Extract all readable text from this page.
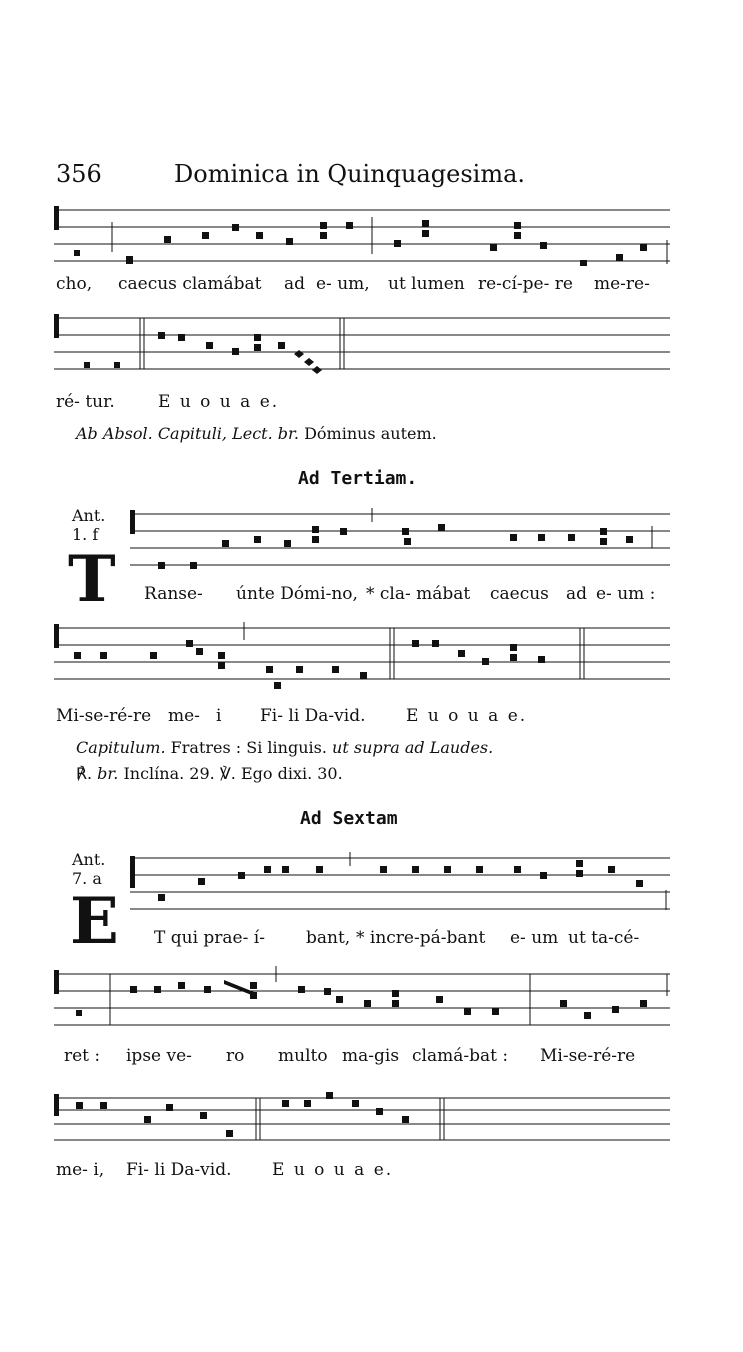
356	Dominica in Quinquagesima.
cho, caecus clamábat ad e- um, ut lumen re-cí-pe- re me-re-
ré- tur.	E u o u a e.
Ab Absol. Capituli, Lect. br. Dóminus autem.
Ad Tertiam.
Ant.
1. f
T Ranse- únte Dómi-no, * cla- mábat caecus ad e- um :
Mi-se-ré-re me- i Fi- li Da-vid. E u o u a e.
Capitulum. Fratres : Si linguis. ut supra ad Laudes.
℟. br. Inclína. 29. ℣. Ego dixi. 30.
Ad Sextam
Ant.
7. a
E T qui prae- í- bant, * incre-pá-bant e- um ut ta-cé-
ret : ipse ve- ro multo ma-gis clamá-bat : Mi-se-ré-re
me- i, Fi- li Da-vid. E u o u a e.
